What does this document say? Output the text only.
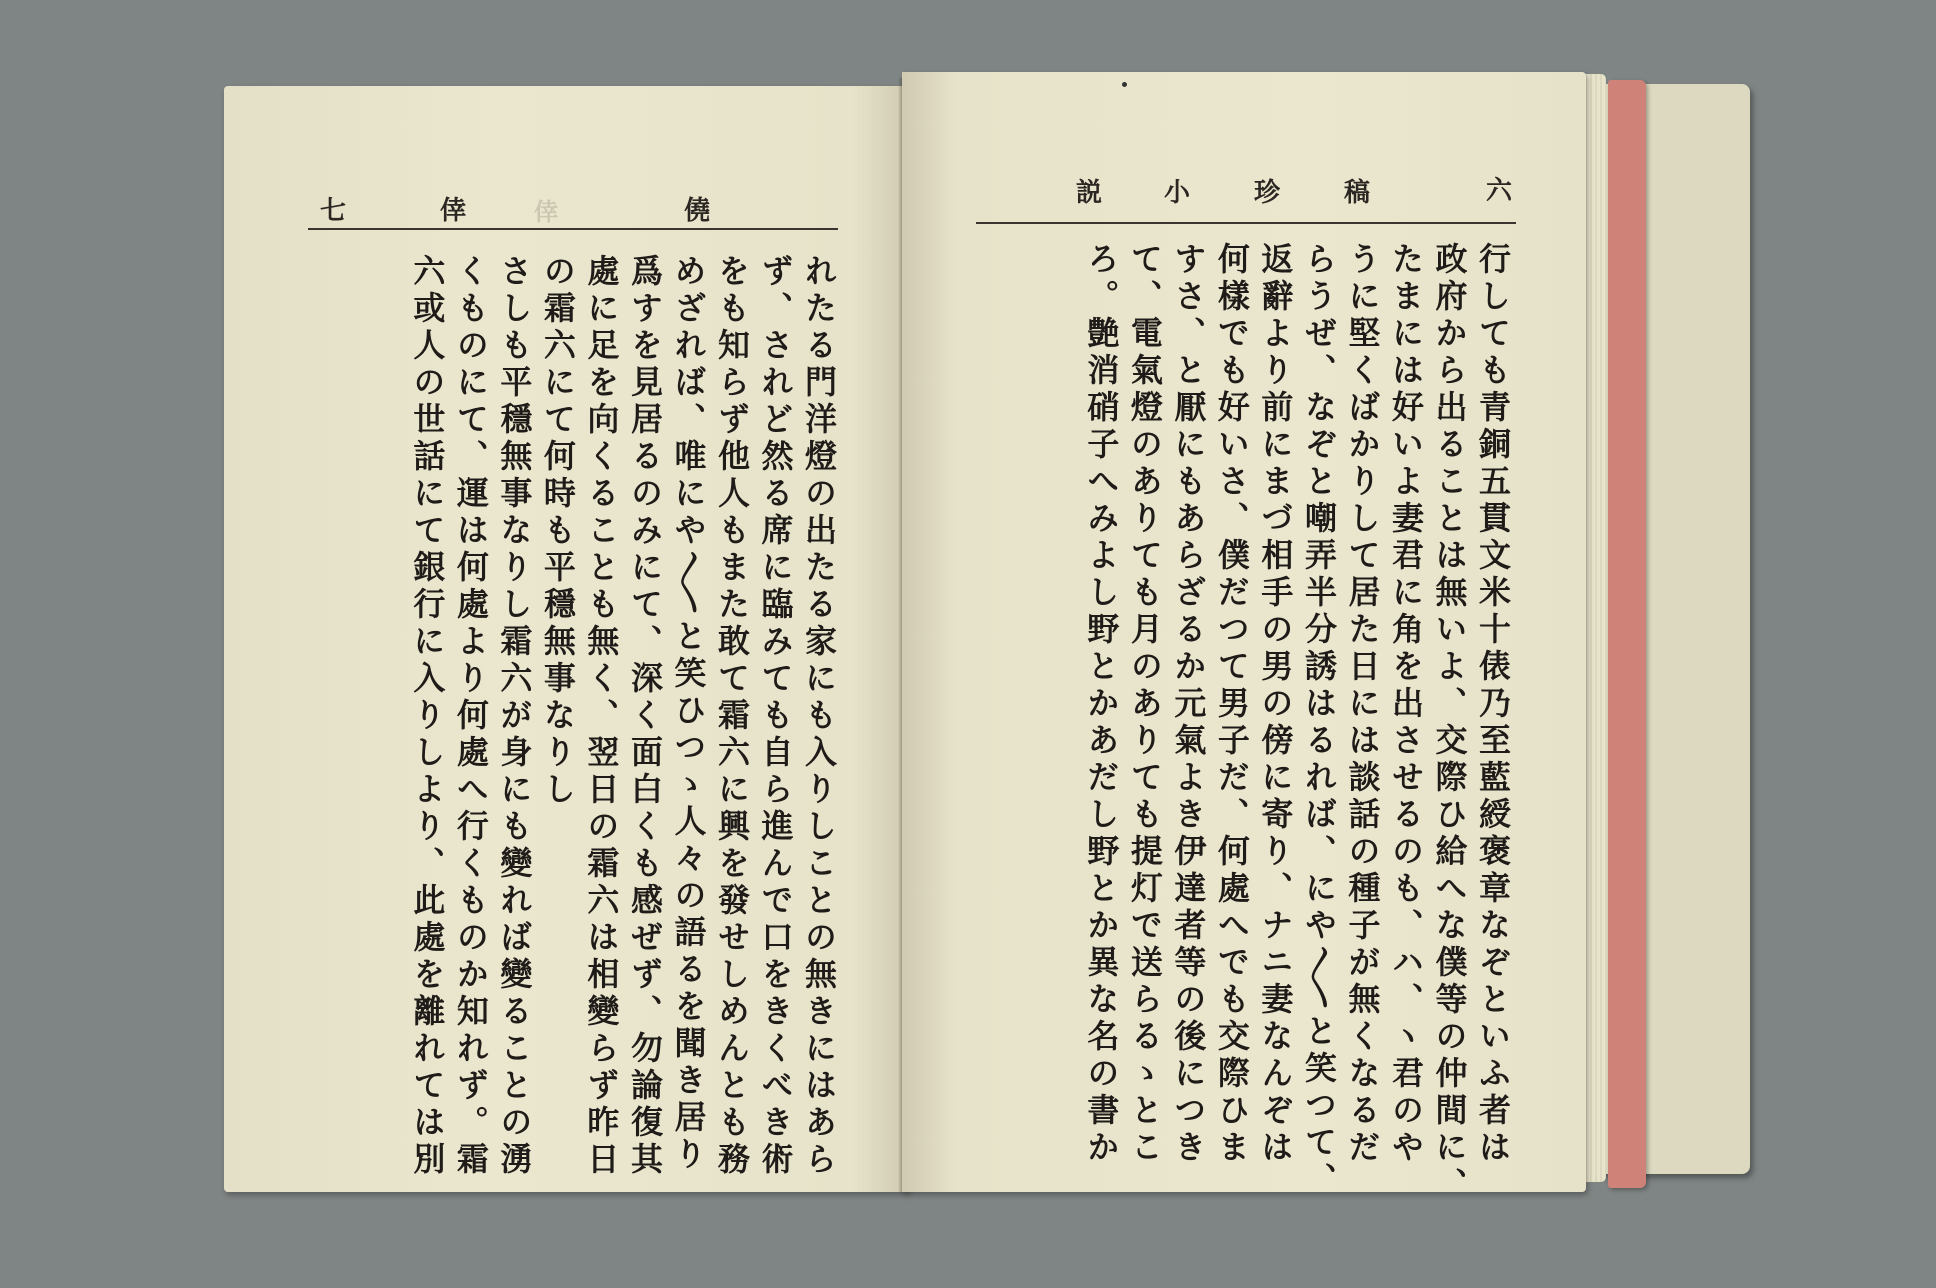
七	倖
倖	僥
れたる門洋燈の出たる家にも入りしことの無きにはあら
ず、されど然る席に臨みても自ら進んで口をきくべき術
をも知らず他人もまた敢て霜六に興を發せしめんとも務
めざれば、唯にや〱と笑ひつゝ人々の語るを聞き居り
爲すを見居るのみにて、深く面白くも感ぜず、勿論復其
處に足を向くることも無く、翌日の霜六は相變らず昨日
の霜六にて何時も平穩無事なりし
さしも平穩無事なりし霜六が身にも變れば變ることの湧
くものにて、運は何處より何處へ行くものか知れず。霜
六或人の世話にて銀行に入りしより、此處を離れては別
六
説 小 珍 稿
行しても青銅五貫文米十俵乃至藍綬褒章なぞといふ者は
政府から出ることは無いよ、交際ひ給へな僕等の仲間に、
たまには好いよ妻君に角を出させるのも、ハ、ヽ君のや
うに堅くばかりして居た日には談話の種子が無くなるだ
らうぜ、なぞと嘲弄半分誘はるれば、にや〱と笑つて、
返辭より前にまづ相手の男の傍に寄り、ナニ妻なんぞは
何樣でも好いさ、僕だつて男子だ、何處へでも交際ひま
すさ、と厭にもあらざるか元氣よき伊達者等の後につき
て、電氣燈のありても月のありても提灯で送らるゝとこ
ろ。艶消硝子へみよし野とかあだし野とか異な名の書か
